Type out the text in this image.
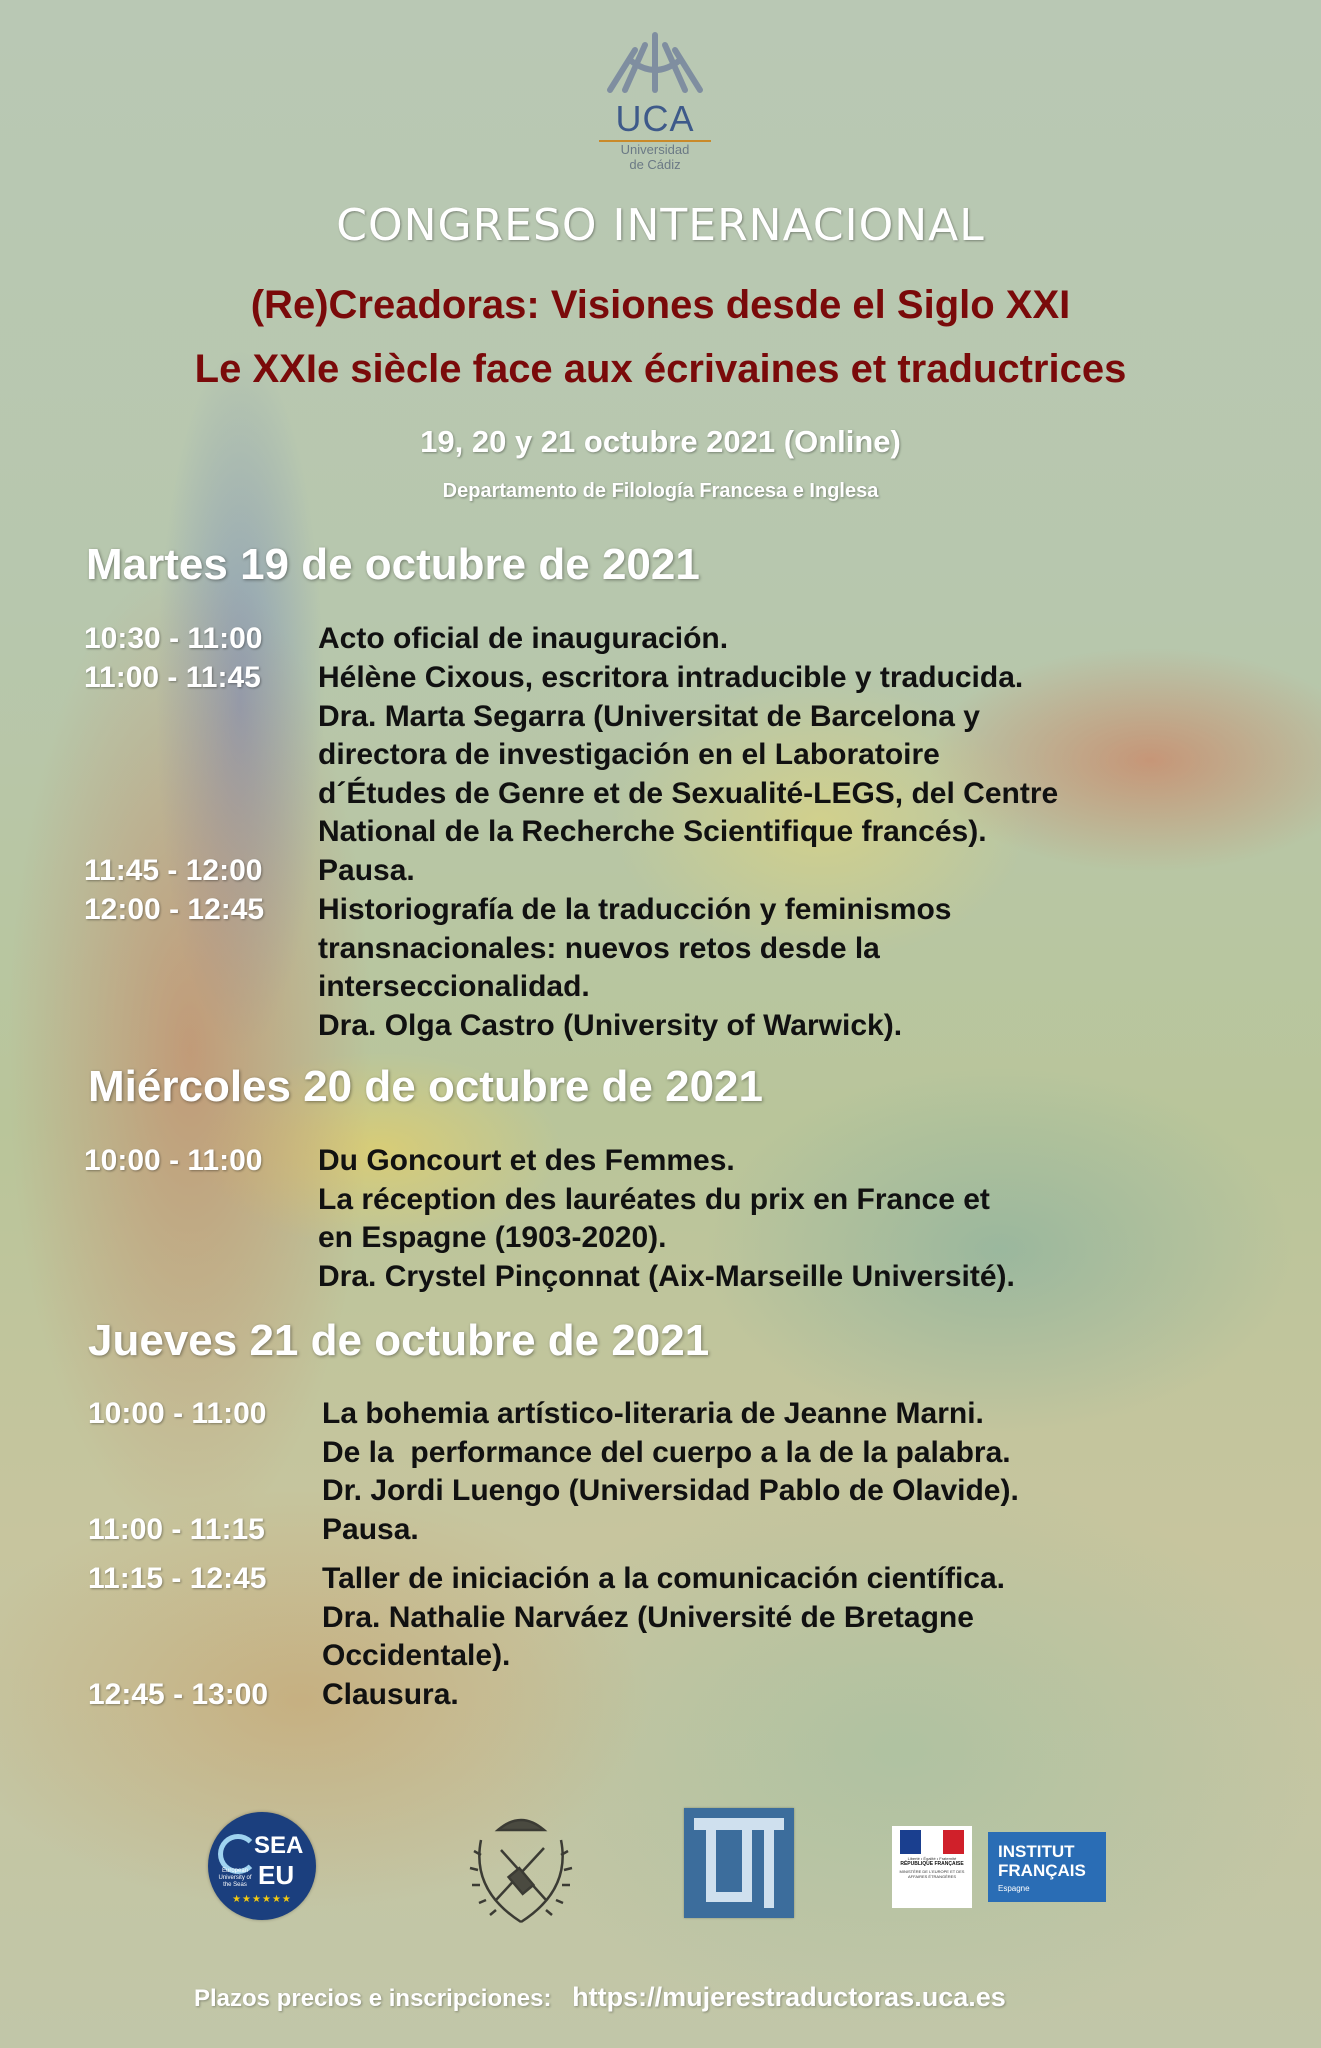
UCA
Universidad
de Cádiz
CONGRESO INTERNACIONAL
(Re)Creadoras: Visiones desde el Siglo XXI
Le XXIe siècle face aux écrivaines et traductrices
19, 20 y 21 octubre 2021 (Online)
Departamento de Filología Francesa e Inglesa
Martes 19 de octubre de 2021
10:30 - 11:00	Acto oficial de inauguración.
11:00 - 11:45	Hélène Cixous, escritora intraducible y traducida.
Dra. Marta Segarra (Universitat de Barcelona y
directora de investigación en el Laboratoire
d´Études de Genre et de Sexualité-LEGS, del Centre
National de la Recherche Scientifique francés).
11:45 - 12:00	Pausa.
12:00 - 12:45	Historiografía de la traducción y feminismos
transnacionales: nuevos retos desde la
interseccionalidad.
Dra. Olga Castro (University of Warwick).
Miércoles 20 de octubre de 2021
10:00 - 11:00	Du Goncourt et des Femmes.
La réception des lauréates du prix en France et
en Espagne (1903-2020).
Dra. Crystel Pinçonnat (Aix-Marseille Université).
Jueves 21 de octubre de 2021
10:00 - 11:00	La bohemia artístico-literaria de Jeanne Marni.
De la  performance del cuerpo a la de la palabra.
Dr. Jordi Luengo (Universidad Pablo de Olavide).
11:00 - 11:15	Pausa.
11:15 - 12:45	Taller de iniciación a la comunicación científica.
Dra. Nathalie Narváez (Université de Bretagne
Occidentale).
12:45 - 13:00	Clausura.
SEA
EU
European University of the Seas
★★★★★★
Liberté • Égalité • Fraternité
RÉPUBLIQUE FRANÇAISE
MINISTÈRE DE L'EUROPE ET DES AFFAIRES ÉTRANGÈRES
INSTITUT
FRANÇAIS
Espagne
Plazos precios e inscripciones: https://mujerestraductoras.uca.es
